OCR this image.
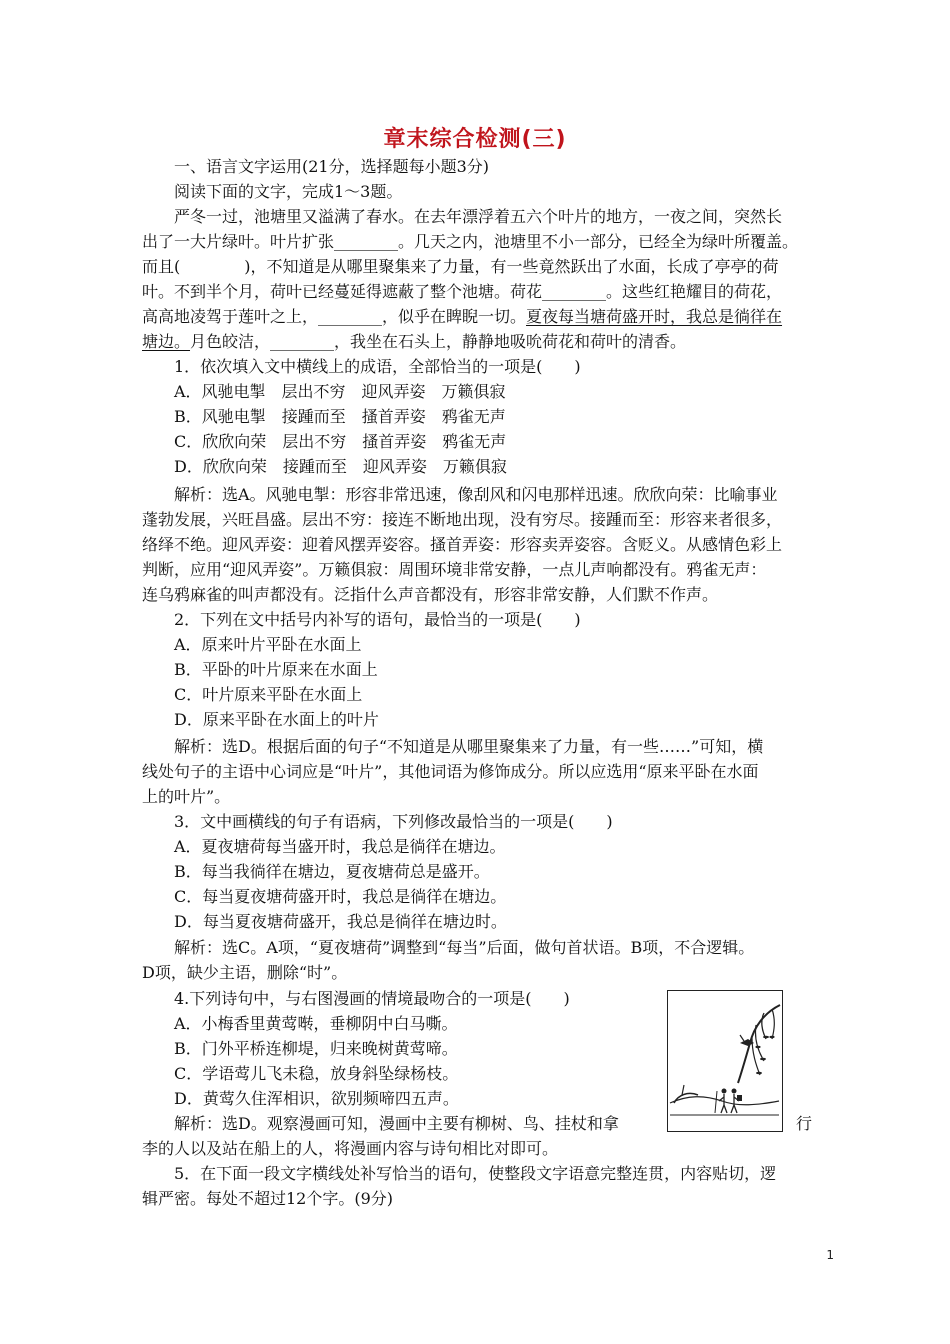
章末综合检测(三)
一、语言文字运用(21分，选择题每小题3分)
阅读下面的文字，完成1～3题。
严冬一过，池塘里又溢满了春水。在去年漂浮着五六个叶片的地方，一夜之间，突然长
出了一大片绿叶。叶片扩张________。几天之内，池塘里不小一部分，已经全为绿叶所覆盖。
而且(　　　　)，不知道是从哪里聚集来了力量，有一些竟然跃出了水面，长成了亭亭的荷
叶。不到半个月，荷叶已经蔓延得遮蔽了整个池塘。荷花________。这些红艳耀目的荷花，
高高地凌驾于莲叶之上，________，似乎在睥睨一切。夏夜每当塘荷盛开时，我总是徜徉在
塘边。月色皎洁，________，我坐在石头上，静静地吸吮荷花和荷叶的清香。
1．依次填入文中横线上的成语，全部恰当的一项是(　　)
A．风驰电掣　层出不穷　迎风弄姿　万籁俱寂
B．风驰电掣　接踵而至　搔首弄姿　鸦雀无声
C．欣欣向荣　层出不穷　搔首弄姿　鸦雀无声
D．欣欣向荣　接踵而至　迎风弄姿　万籁俱寂
解析：选A。风驰电掣：形容非常迅速，像刮风和闪电那样迅速。欣欣向荣：比喻事业
蓬勃发展，兴旺昌盛。层出不穷：接连不断地出现，没有穷尽。接踵而至：形容来者很多，
络绎不绝。迎风弄姿：迎着风摆弄姿容。搔首弄姿：形容卖弄姿容。含贬义。从感情色彩上
判断，应用“迎风弄姿”。万籁俱寂：周围环境非常安静，一点儿声响都没有。鸦雀无声：
连乌鸦麻雀的叫声都没有。泛指什么声音都没有，形容非常安静，人们默不作声。
2．下列在文中括号内补写的语句，最恰当的一项是(　　)
A．原来叶片平卧在水面上
B．平卧的叶片原来在水面上
C．叶片原来平卧在水面上
D．原来平卧在水面上的叶片
解析：选D。根据后面的句子“不知道是从哪里聚集来了力量，有一些……”可知，横
线处句子的主语中心词应是“叶片”，其他词语为修饰成分。所以应选用“原来平卧在水面
上的叶片”。
3．文中画横线的句子有语病，下列修改最恰当的一项是(　　)
A．夏夜塘荷每当盛开时，我总是徜徉在塘边。
B．每当我徜徉在塘边，夏夜塘荷总是盛开。
C．每当夏夜塘荷盛开时，我总是徜徉在塘边。
D．每当夏夜塘荷盛开，我总是徜徉在塘边时。
解析：选C。A项，“夏夜塘荷”调整到“每当”后面，做句首状语。B项，不合逻辑。
D项，缺少主语，删除“时”。
4.下列诗句中，与右图漫画的情境最吻合的一项是(　　)
A．小梅香里黄莺啭，垂柳阴中白马嘶。
B．门外平桥连柳堤，归来晚树黄莺啼。
C．学语莺儿飞未稳，放身斜坠绿杨枝。
D．黄莺久住浑相识，欲别频啼四五声。
解析：选D。观察漫画可知，漫画中主要有柳树、鸟、挂杖和拿	行
李的人以及站在船上的人，将漫画内容与诗句相比对即可。
5．在下面一段文字横线处补写恰当的语句，使整段文字语意完整连贯，内容贴切，逻
辑严密。每处不超过12个字。(9分)
1
